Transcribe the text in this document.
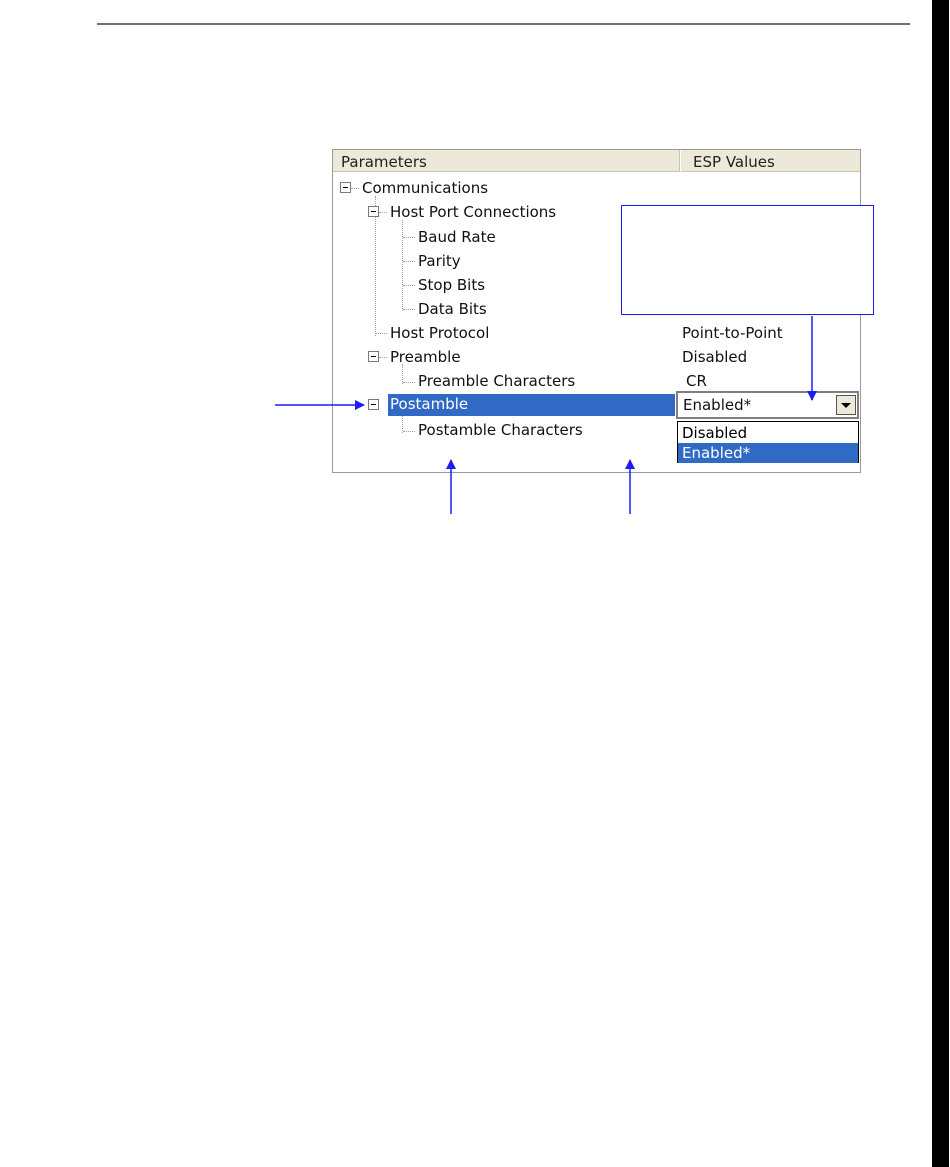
Parameters	ESP Values
Communications
Host Port Connections
Baud Rate
Parity
Stop Bits
Data Bits
Host Protocol
Preamble
Preamble Characters
Postamble
Postamble Characters
Point-to-Point
Disabled
CR
Enabled*
Disabled
Enabled*
